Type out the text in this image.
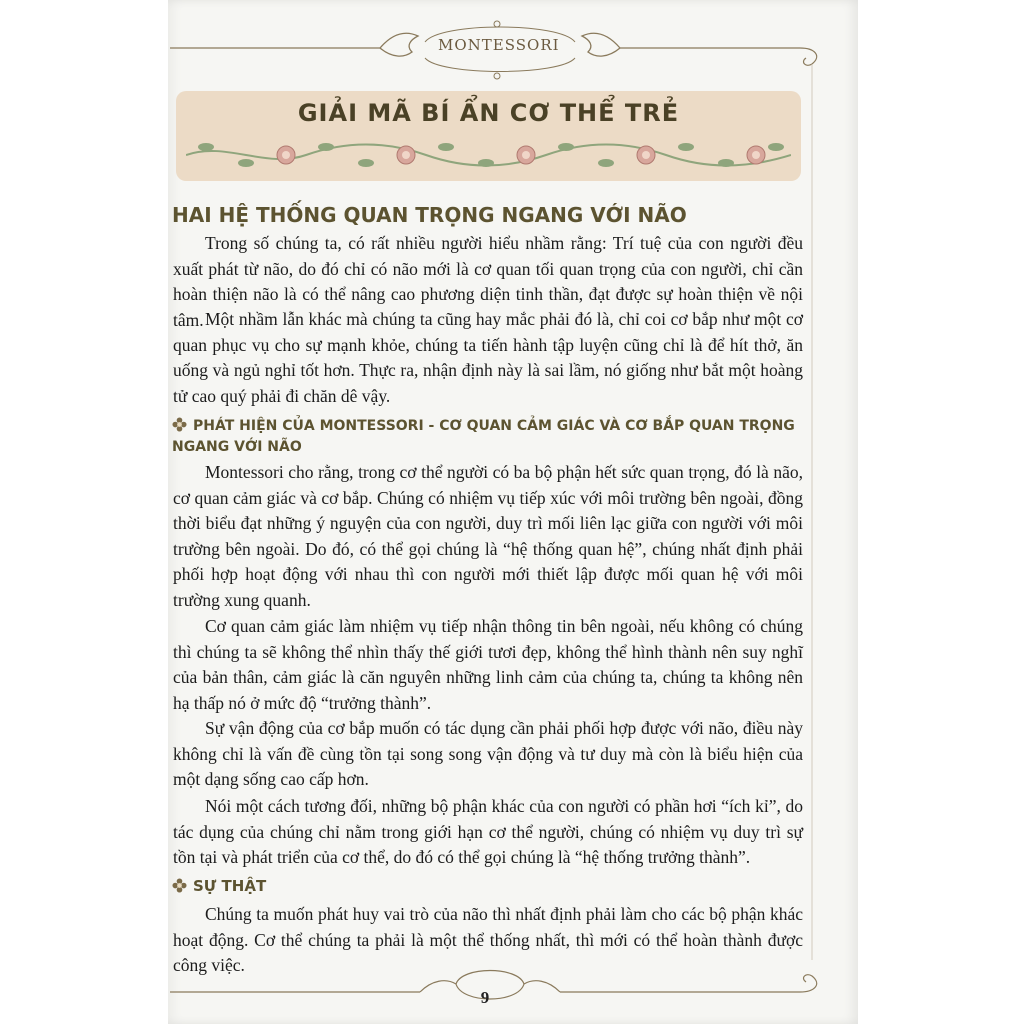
MONTESSORI
GIẢI MÃ BÍ ẨN CƠ THỂ TRẺ
HAI HỆ THỐNG QUAN TRỌNG NGANG VỚI NÃO

Trong số chúng ta, có rất nhiều người hiểu nhầm rằng: Trí tuệ của con người đều xuất phát từ não, do đó chỉ có não mới là cơ quan tối quan trọng của con người, chỉ cần hoàn thiện não là có thể nâng cao phương diện tinh thần, đạt được sự hoàn thiện về nội tâm. Một nhầm lẫn khác mà chúng ta cũng hay mắc phải đó là, chỉ coi cơ bắp như một cơ quan phục vụ cho sự mạnh khỏe, chúng ta tiến hành tập luyện cũng chỉ là để hít thở, ăn uống và ngủ nghỉ tốt hơn. Thực ra, nhận định này là sai lầm, nó giống như bắt một hoàng tử cao quý phải đi chăn dê vậy.

PHÁT HIỆN CỦA MONTESSORI - CƠ QUAN CẢM GIÁC VÀ CƠ BẮP QUAN TRỌNG NGANG VỚI NÃO

Montessori cho rằng, trong cơ thể người có ba bộ phận hết sức quan trọng, đó là não, cơ quan cảm giác và cơ bắp. Chúng có nhiệm vụ tiếp xúc với môi trường bên ngoài, đồng thời biểu đạt những ý nguyện của con người, duy trì mối liên lạc giữa con người với môi trường bên ngoài. Do đó, có thể gọi chúng là “hệ thống quan hệ”, chúng nhất định phải phối hợp hoạt động với nhau thì con người mới thiết lập được mối quan hệ với môi trường xung quanh.

Cơ quan cảm giác làm nhiệm vụ tiếp nhận thông tin bên ngoài, nếu không có chúng thì chúng ta sẽ không thể nhìn thấy thế giới tươi đẹp, không thể hình thành nên suy nghĩ của bản thân, cảm giác là căn nguyên những linh cảm của chúng ta, chúng ta không nên hạ thấp nó ở mức độ “trưởng thành”.

Sự vận động của cơ bắp muốn có tác dụng cần phải phối hợp được với não, điều này không chỉ là vấn đề cùng tồn tại song song vận động và tư duy mà còn là biểu hiện của một dạng sống cao cấp hơn.

Nói một cách tương đối, những bộ phận khác của con người có phần hơi “ích kỉ”, do tác dụng của chúng chỉ nằm trong giới hạn cơ thể người, chúng có nhiệm vụ duy trì sự tồn tại và phát triển của cơ thể, do đó có thể gọi chúng là “hệ thống trưởng thành”.

SỰ THẬT

Chúng ta muốn phát huy vai trò của não thì nhất định phải làm cho các bộ phận khác hoạt động. Cơ thể chúng ta phải là một thể thống nhất, thì mới có thể hoàn thành được công việc.

9
